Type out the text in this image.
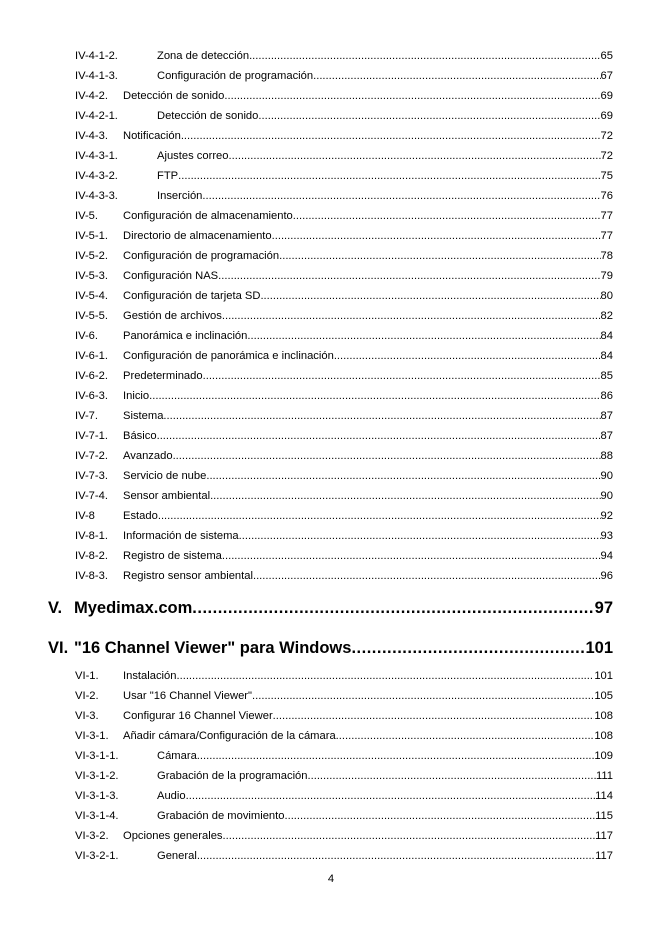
IV-4-1-2.	Zona de detección .....	65
IV-4-1-3.	Configuración de programación .....	67
IV-4-2.	Detección de sonido .....	69
IV-4-2-1.	Detección de sonido .....	69
IV-4-3.	Notificación .....	72
IV-4-3-1.	Ajustes correo .....	72
IV-4-3-2.	FTP .....	75
IV-4-3-3.	Inserción .....	76
IV-5.	Configuración de almacenamiento .....	77
IV-5-1.	Directorio de almacenamiento .....	77
IV-5-2.	Configuración de programación .....	78
IV-5-3.	Configuración NAS .....	79
IV-5-4.	Configuración de tarjeta SD .....	80
IV-5-5.	Gestión de archivos .....	82
IV-6.	Panorámica e inclinación .....	84
IV-6-1.	Configuración de panorámica e inclinación .....	84
IV-6-2.	Predeterminado .....	85
IV-6-3.	Inicio .....	86
IV-7.	Sistema .....	87
IV-7-1.	Básico .....	87
IV-7-2.	Avanzado .....	88
IV-7-3.	Servicio de nube .....	90
IV-7-4.	Sensor ambiental .....	90
IV-8	Estado .....	92
IV-8-1.	Información de sistema .....	93
IV-8-2.	Registro de sistema .....	94
IV-8-3.	Registro sensor ambiental .....	96
V. Myedimax.com .....	97
VI. "16 Channel Viewer" para Windows .....	101
VI-1.	Instalación .....	101
VI-2.	Usar "16 Channel Viewer" .....	105
VI-3.	Configurar 16 Channel Viewer .....	108
VI-3-1.	Añadir cámara/Configuración de la cámara .....	108
VI-3-1-1.	Cámara .....	109
VI-3-1-2.	Grabación de la programación .....	111
VI-3-1-3.	Audio .....	114
VI-3-1-4.	Grabación de movimiento .....	115
VI-3-2.	Opciones generales .....	117
VI-3-2-1.	General .....	117
4
